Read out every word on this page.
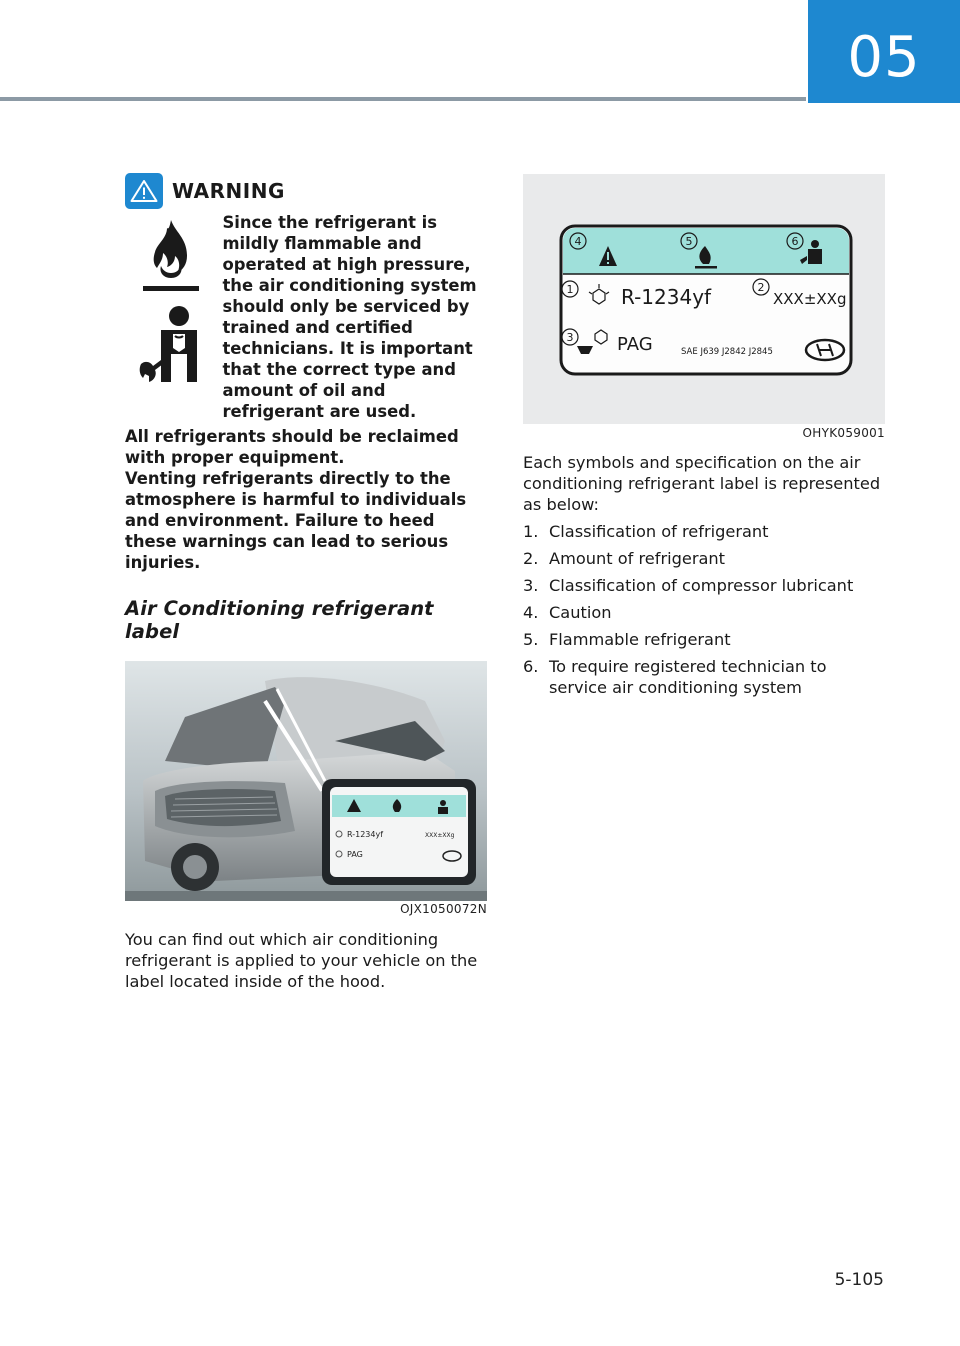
05
WARNING
Since the refrigerant is mildly flammable and operated at high pressure, the air conditioning system should only be serviced by trained and certified technicians. It is important that the correct type and amount of oil and refrigerant are used.
All refrigerants should be reclaimed with proper equipment.
Venting refrigerants directly to the atmosphere is harmful to individuals and environment. Failure to heed these warnings can lead to serious injuries.
Air Conditioning refrigerant label
R-1234yf	XXX±XXg
PAG
OJX1050072N
You can find out which air conditioning refrigerant is applied to your vehicle on the label located inside of the hood.
4	5	6
1 R-1234yf	2
XXX±XXg
3 PAG	SAE J639 J2842 J2845
OHYK059001
Each symbols and specification on the air conditioning refrigerant label is represented as below:
1. Classification of refrigerant
2. Amount of refrigerant
3. Classification of compressor lubricant
4. Caution
5. Flammable refrigerant
6. To require registered technician to service air conditioning system
5-105
